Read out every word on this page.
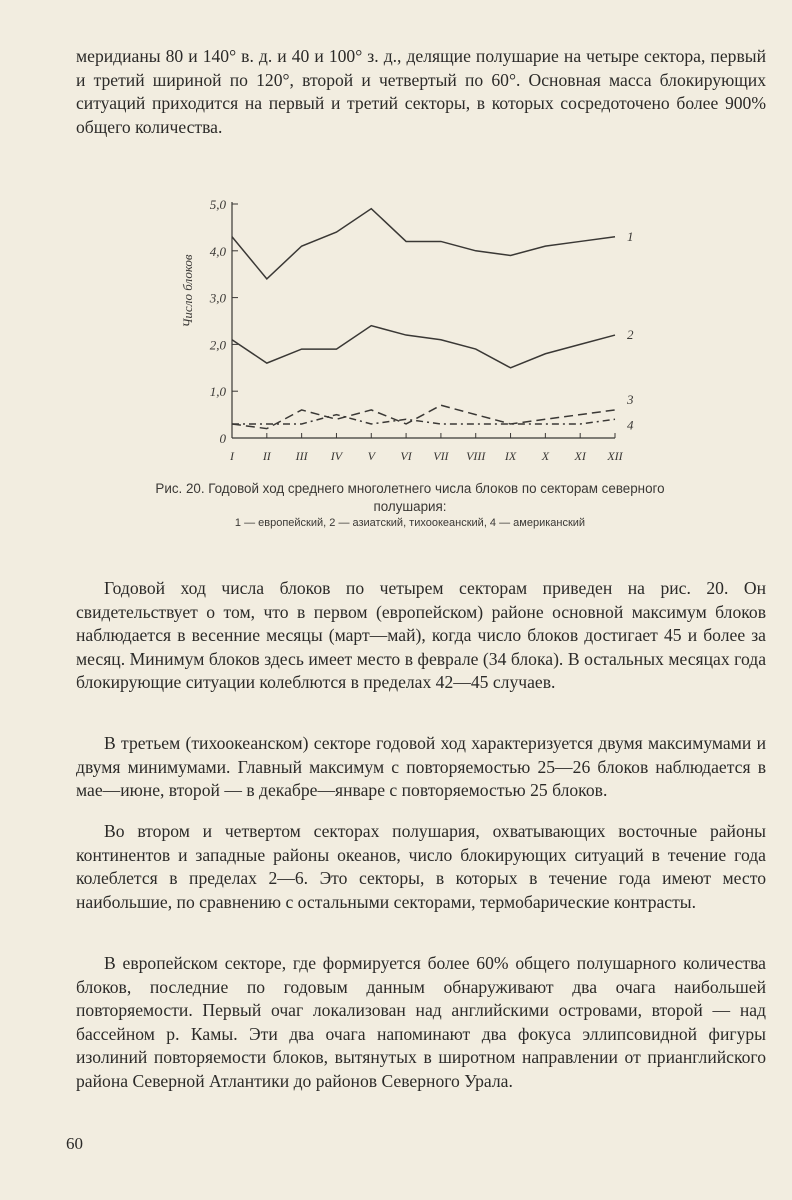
меридианы 80 и 140° в. д. и 40 и 100° з. д., делящие полушарие на четыре сектора, первый и третий шириной по 120°, второй и четвертый по 60°. Основная масса блокирующих ситуаций приходится на первый и третий секторы, в которых сосредоточено более 900% общего количества.

0
1,0
2,0
3,0
4,0
5,0
Число блоков
I II III IV V VI VII VIII IX X XI XII
1
2
3
4
Рис. 20. Годовой ход среднего многолетнего числа блоков по секторам северного полушария:
1 — европейский, 2 — азиатский, тихоокеанский, 4 — американский

Годовой ход числа блоков по четырем секторам приведен на рис. 20. Он свидетельствует о том, что в первом (европейском) районе основной максимум блоков наблюдается в весенние месяцы (март—май), когда число блоков достигает 45 и более за месяц. Минимум блоков здесь имеет место в феврале (34 блока). В остальных месяцах года блокирующие ситуации колеблются в пределах 42—45 случаев.

В третьем (тихоокеанском) секторе годовой ход характеризуется двумя максимумами и двумя минимумами. Главный максимум с повторяемостью 25—26 блоков наблюдается в мае—июне, второй — в декабре—январе с повторяемостью 25 блоков.

Во втором и четвертом секторах полушария, охватывающих восточные районы континентов и западные районы океанов, число блокирующих ситуаций в течение года колеблется в пределах 2—6. Это секторы, в которых в течение года имеют место наибольшие, по сравнению с остальными секторами, термобарические контрасты.

В европейском секторе, где формируется более 60% общего полушарного количества блоков, последние по годовым данным обнаруживают два очага наибольшей повторяемости. Первый очаг локализован над английскими островами, второй — над бассейном р. Камы. Эти два очага напоминают два фокуса эллипсовидной фигуры изолиний повторяемости блоков, вытянутых в широтном направлении от прианглийского района Северной Атлантики до районов Северного Урала.

60
